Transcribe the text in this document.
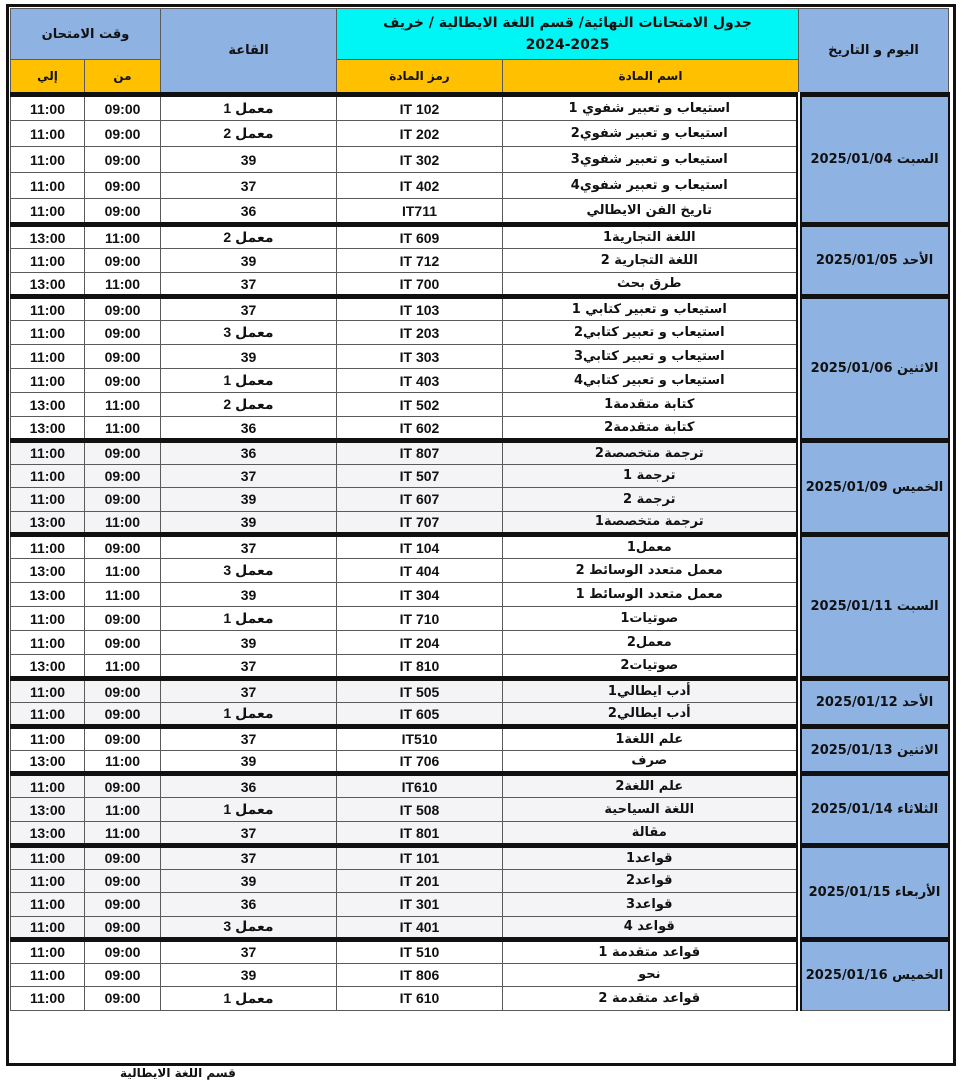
اليوم و التاريخ	جدول الامتحانات النهائية/ قسم اللغة الايطالية / خريف
2024-2025		القاعة	وقت الامتحان	
	اسم المادة	رمز المادة		من	إلي
السبت 2025/01/04	استيعاب و تعبير شفوي 1	IT 102	معمل 1	09:00	11:00
	استيعاب و تعبير شفوي2	IT 202	معمل 2	09:00	11:00
	استيعاب و تعبير شفوي3	IT 302	39	09:00	11:00
	استيعاب و تعبير شفوي4	IT 402	37	09:00	11:00
	تاريخ الفن الايطالي	IT711	36	09:00	11:00
الأحد 2025/01/05	اللغة التجارية1	IT 609	معمل 2	11:00	13:00
	اللغة التجارية 2	IT 712	39	09:00	11:00
	طرق بحث	IT 700	37	11:00	13:00
الاثنين 2025/01/06	استيعاب و تعبير كتابي 1	IT 103	37	09:00	11:00
	استيعاب و تعبير كتابي2	IT 203	معمل 3	09:00	11:00
	استيعاب و تعبير كتابي3	IT 303	39	09:00	11:00
	استيعاب و تعبير كتابي4	IT 403	معمل 1	09:00	11:00
	كتابة متقدمة1	IT 502	معمل 2	11:00	13:00
	كتابة متقدمة2	IT 602	36	11:00	13:00
الخميس 2025/01/09	ترجمة متخصصة2	IT 807	36	09:00	11:00
	ترجمة 1	IT 507	37	09:00	11:00
	ترجمة 2	IT 607	39	09:00	11:00
	ترجمة متخصصة1	IT 707	39	11:00	13:00
السبت 2025/01/11	معمل1	IT 104	37	09:00	11:00
	معمل متعدد الوسائط 2	IT 404	معمل 3	11:00	13:00
	معمل متعدد الوسائط 1	IT 304	39	11:00	13:00
	صوتيات1	IT 710	معمل 1	09:00	11:00
	معمل2	IT 204	39	09:00	11:00
	صوتيات2	IT 810	37	11:00	13:00
الأحد 2025/01/12	أدب ايطالي1	IT 505	37	09:00	11:00
	أدب ايطالي2	IT 605	معمل 1	09:00	11:00
الاثنين 2025/01/13	علم اللغة1	IT510	37	09:00	11:00
	صرف	IT 706	39	11:00	13:00
الثلاثاء 2025/01/14	علم اللغة2	IT610	36	09:00	11:00
	اللغة السياحية	IT 508	معمل 1	11:00	13:00
	مقالة	IT 801	37	11:00	13:00
الأربعاء 2025/01/15	قواعد1	IT 101	37	09:00	11:00
	قواعد2	IT 201	39	09:00	11:00
	قواعد3	IT 301	36	09:00	11:00
	قواعد 4	IT 401	معمل 3	09:00	11:00
الخميس 2025/01/16	قواعد متقدمة 1	IT 510	37	09:00	11:00
	نحو	IT 806	39	09:00	11:00
	قواعد متقدمة 2	IT 610	معمل 1	09:00	11:00
قسم اللغة الايطالية
